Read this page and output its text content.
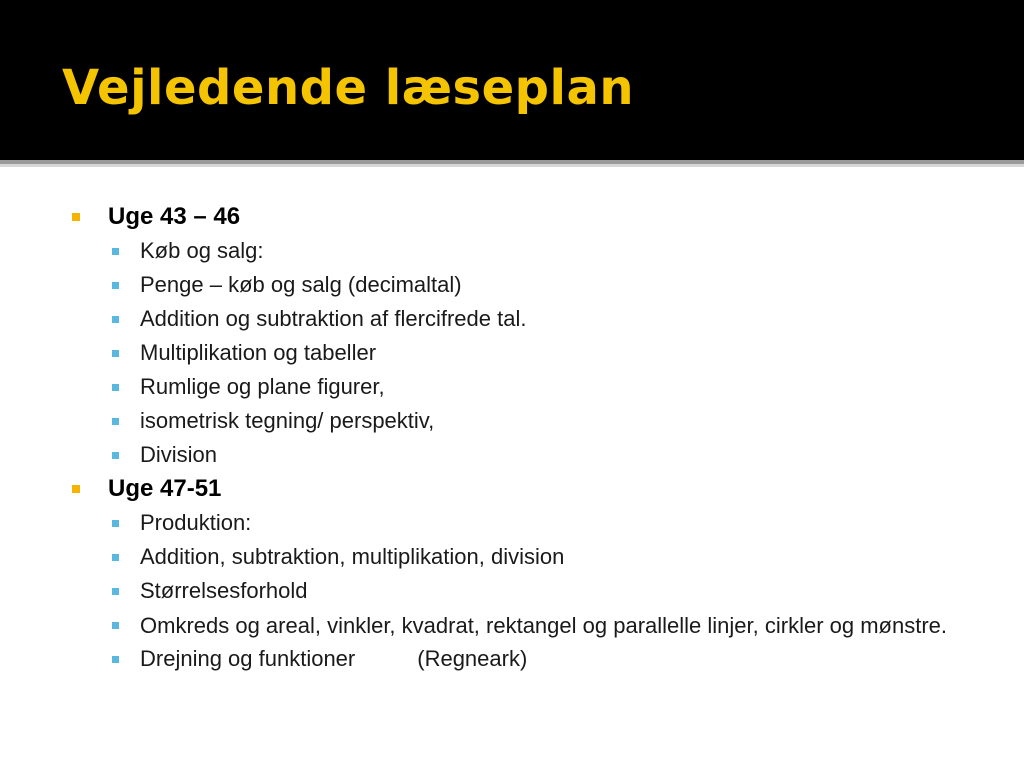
Vejledende læseplan
Uge 43 – 46
Køb og salg:
Penge – køb og salg (decimaltal)
Addition og subtraktion af flercifrede tal.
Multiplikation og tabeller
Rumlige og plane figurer,
isometrisk tegning/ perspektiv,
Division
Uge 47-51
Produktion:
Addition, subtraktion, multiplikation, division
Størrelsesforhold
Omkreds og areal, vinkler, kvadrat, rektangel og parallelle linjer, cirkler og mønstre.
Drejning og funktioner	(Regneark)
